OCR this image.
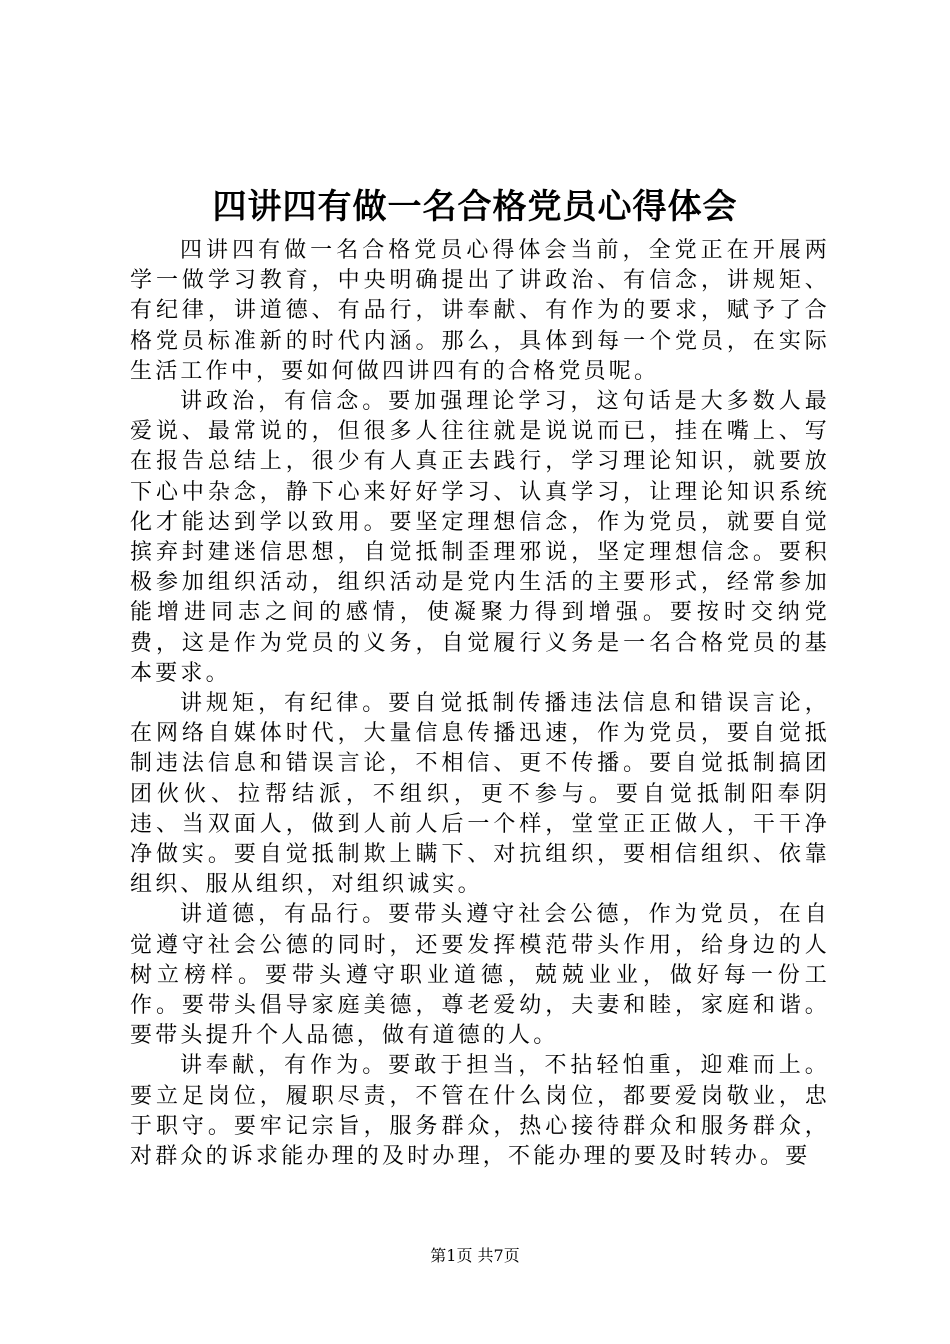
四讲四有做一名合格党员心得体会

四讲四有做一名合格党员心得体会当前，全党正在开展两学一做学习教育，中央明确提出了讲政治、有信念，讲规矩、有纪律，讲道德、有品行，讲奉献、有作为的要求，赋予了合格党员标准新的时代内涵。那么，具体到每一个党员，在实际生活工作中，要如何做四讲四有的合格党员呢。

讲政治，有信念。要加强理论学习，这句话是大多数人最爱说、最常说的，但很多人往往就是说说而已，挂在嘴上、写在报告总结上，很少有人真正去践行，学习理论知识，就要放下心中杂念，静下心来好好学习、认真学习，让理论知识系统化才能达到学以致用。要坚定理想信念，作为党员，就要自觉摈弃封建迷信思想，自觉抵制歪理邪说，坚定理想信念。要积极参加组织活动，组织活动是党内生活的主要形式，经常参加能增进同志之间的感情，使凝聚力得到增强。要按时交纳党费，这是作为党员的义务，自觉履行义务是一名合格党员的基本要求。

讲规矩，有纪律。要自觉抵制传播违法信息和错误言论，在网络自媒体时代，大量信息传播迅速，作为党员，要自觉抵制违法信息和错误言论，不相信、更不传播。要自觉抵制搞团团伙伙、拉帮结派，不组织，更不参与。要自觉抵制阳奉阴违、当双面人，做到人前人后一个样，堂堂正正做人，干干净净做实。要自觉抵制欺上瞒下、对抗组织，要相信组织、依靠组织、服从组织，对组织诚实。

讲道德，有品行。要带头遵守社会公德，作为党员，在自觉遵守社会公德的同时，还要发挥模范带头作用，给身边的人树立榜样。要带头遵守职业道德，兢兢业业，做好每一份工作。要带头倡导家庭美德，尊老爱幼，夫妻和睦，家庭和谐。要带头提升个人品德，做有道德的人。

讲奉献，有作为。要敢于担当，不拈轻怕重，迎难而上。要立足岗位，履职尽责，不管在什么岗位，都要爱岗敬业，忠于职守。要牢记宗旨，服务群众，热心接待群众和服务群众，对群众的诉求能办理的及时办理，不能办理的要及时转办。要

第1页 共7页
